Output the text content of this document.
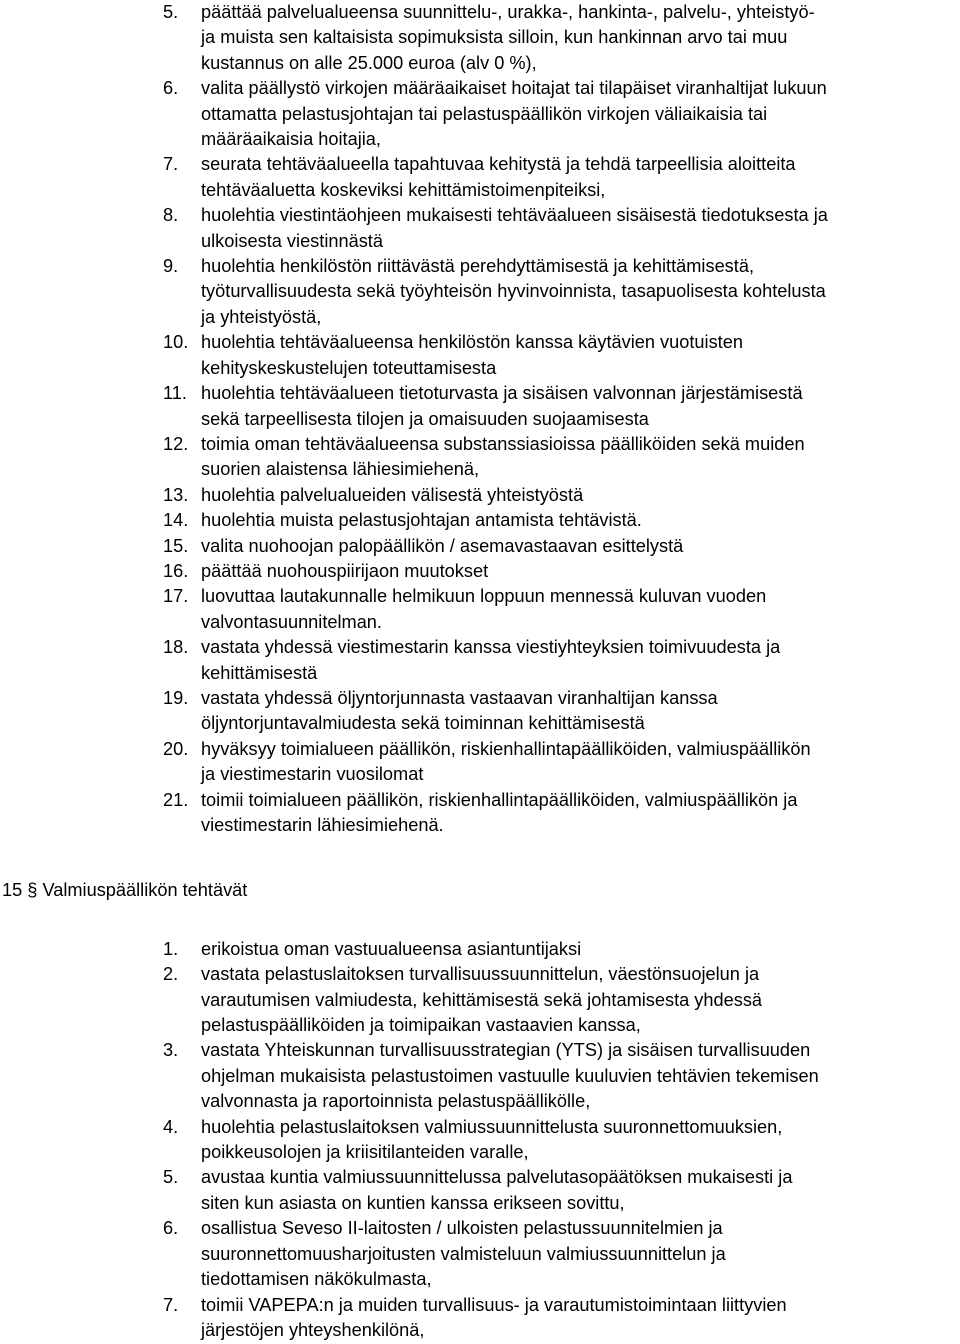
5. päättää palvelualueensa suunnittelu-, urakka-, hankinta-, palvelu-, yhteistyö-
ja muista sen kaltaisista sopimuksista silloin, kun hankinnan arvo tai muu
kustannus on alle 25.000 euroa (alv 0 %),
6. valita päällystö virkojen määräaikaiset hoitajat tai tilapäiset viranhaltijat lukuun
ottamatta pelastusjohtajan tai pelastuspäällikön virkojen väliaikaisia tai
määräaikaisia hoitajia,
7. seurata tehtäväalueella tapahtuvaa kehitystä ja tehdä tarpeellisia aloitteita
tehtäväaluetta koskeviksi kehittämistoimenpiteiksi,
8. huolehtia viestintäohjeen mukaisesti tehtäväalueen sisäisestä tiedotuksesta ja
ulkoisesta viestinnästä
9. huolehtia henkilöstön riittävästä perehdyttämisestä ja kehittämisestä,
työturvallisuudesta sekä työyhteisön hyvinvoinnista, tasapuolisesta kohtelusta
ja yhteistyöstä,
10. huolehtia tehtäväalueensa henkilöstön kanssa käytävien vuotuisten
kehityskeskustelujen toteuttamisesta
11. huolehtia tehtäväalueen tietoturvasta ja sisäisen valvonnan järjestämisestä
sekä tarpeellisesta tilojen ja omaisuuden suojaamisesta
12. toimia oman tehtäväalueensa substanssiasioissa päälliköiden sekä muiden
suorien alaistensa lähiesimiehenä,
13. huolehtia palvelualueiden välisestä yhteistyöstä
14. huolehtia muista pelastusjohtajan antamista tehtävistä.
15. valita nuohoojan palopäällikön / asemavastaavan esittelystä
16. päättää nuohouspiirijaon muutokset
17. luovuttaa lautakunnalle helmikuun loppuun mennessä kuluvan vuoden
valvontasuunnitelman.
18. vastata yhdessä viestimestarin kanssa viestiyhteyksien toimivuudesta ja
kehittämisestä
19. vastata yhdessä öljyntorjunnasta vastaavan viranhaltijan kanssa
öljyntorjuntavalmiudesta sekä toiminnan kehittämisestä
20. hyväksyy toimialueen päällikön, riskienhallintapäälliköiden, valmiuspäällikön
ja viestimestarin vuosilomat
21. toimii toimialueen päällikön, riskienhallintapäälliköiden, valmiuspäällikön ja
viestimestarin lähiesimiehenä.
15 § Valmiuspäällikön tehtävät
1. erikoistua oman vastuualueensa asiantuntijaksi
2. vastata pelastuslaitoksen turvallisuussuunnittelun, väestönsuojelun ja
varautumisen valmiudesta, kehittämisestä sekä johtamisesta yhdessä
pelastuspäälliköiden ja toimipaikan vastaavien kanssa,
3. vastata Yhteiskunnan turvallisuusstrategian (YTS) ja sisäisen turvallisuuden
ohjelman mukaisista pelastustoimen vastuulle kuuluvien tehtävien tekemisen
valvonnasta ja raportoinnista pelastuspäällikölle,
4. huolehtia pelastuslaitoksen valmiussuunnittelusta suuronnettomuuksien,
poikkeusolojen ja kriisitilanteiden varalle,
5. avustaa kuntia valmiussuunnittelussa palvelutasopäätöksen mukaisesti ja
siten kun asiasta on kuntien kanssa erikseen sovittu,
6. osallistua Seveso II-laitosten / ulkoisten pelastussuunnitelmien ja
suuronnettomuusharjoitusten valmisteluun valmiussuunnittelun ja
tiedottamisen näkökulmasta,
7. toimii VAPEPA:n ja muiden turvallisuus- ja varautumistoimintaan liittyvien
järjestöjen yhteyshenkilönä,
